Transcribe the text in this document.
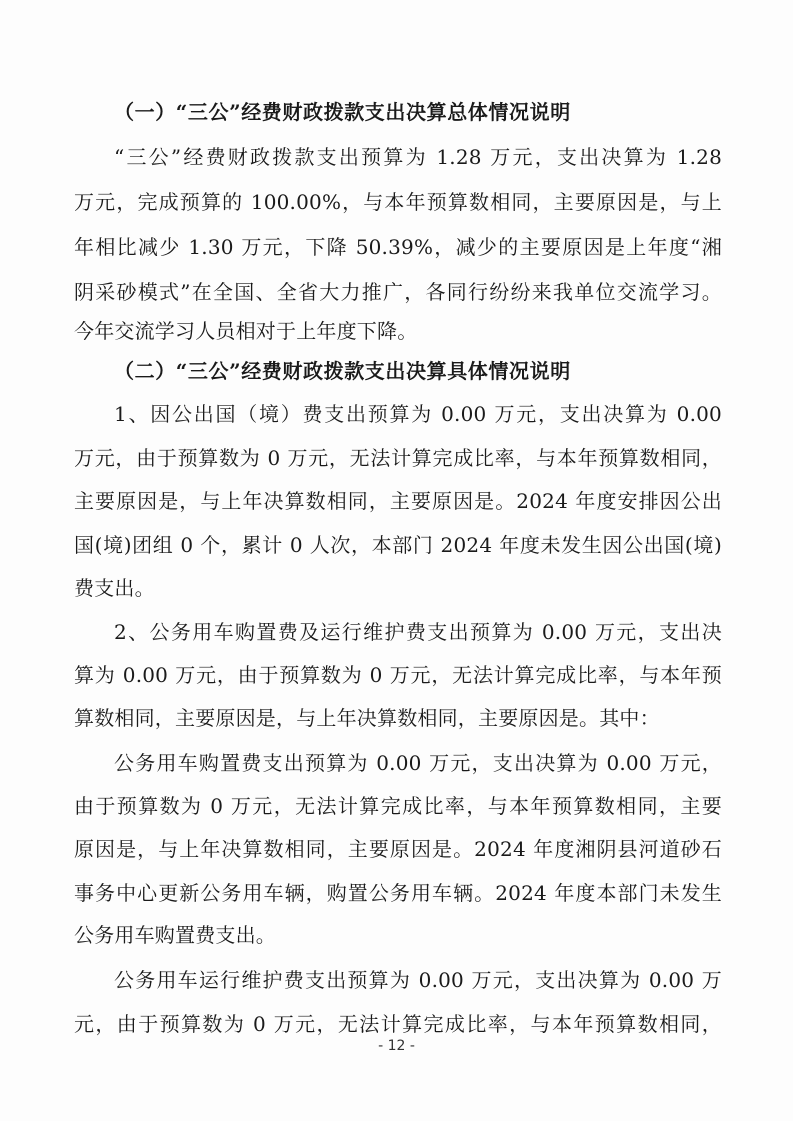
（一）“三公”经费财政拨款支出决算总体情况说明
“三公”经费财政拨款支出预算为 1.28 万元，支出决算为 1.28
万元，完成预算的 100.00%，与本年预算数相同，主要原因是，与上
年相比减少 1.30 万元，下降 50.39%，减少的主要原因是上年度“湘
阴采砂模式”在全国、全省大力推广，各同行纷纷来我单位交流学习。
今年交流学习人员相对于上年度下降。
（二）“三公”经费财政拨款支出决算具体情况说明
1、因公出国（境）费支出预算为 0.00 万元，支出决算为 0.00
万元，由于预算数为 0 万元，无法计算完成比率，与本年预算数相同，
主要原因是，与上年决算数相同，主要原因是。2024 年度安排因公出
国(境)团组 0 个，累计 0 人次，本部门 2024 年度未发生因公出国(境)
费支出。
2、公务用车购置费及运行维护费支出预算为 0.00 万元，支出决
算为 0.00 万元，由于预算数为 0 万元，无法计算完成比率，与本年预
算数相同，主要原因是，与上年决算数相同，主要原因是。其中：
公务用车购置费支出预算为 0.00 万元，支出决算为 0.00 万元，
由于预算数为 0 万元，无法计算完成比率，与本年预算数相同，主要
原因是，与上年决算数相同，主要原因是。2024 年度湘阴县河道砂石
事务中心更新公务用车辆，购置公务用车辆。2024 年度本部门未发生
公务用车购置费支出。
公务用车运行维护费支出预算为 0.00 万元，支出决算为 0.00 万
元，由于预算数为 0 万元，无法计算完成比率，与本年预算数相同，
- 12 -
